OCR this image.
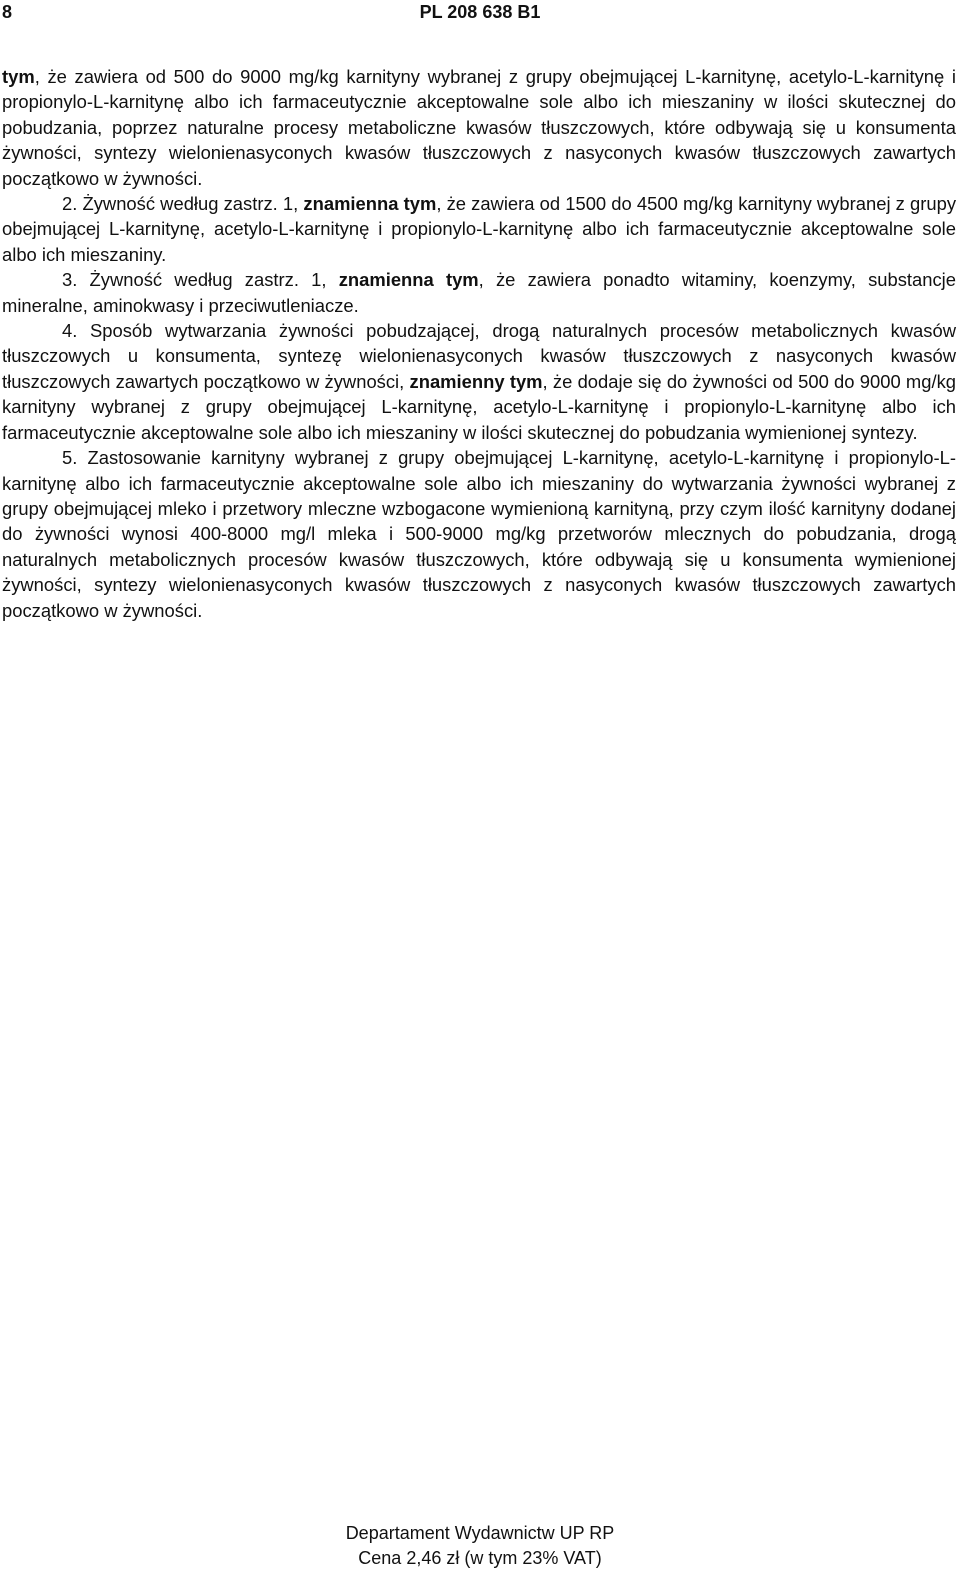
8	PL 208 638 B1

tym, że zawiera od 500 do 9000 mg/kg karnityny wybranej z grupy obejmującej L-karnitynę, acetylo-L-karnitynę i propionylo-L-karnitynę albo ich farmaceutycznie akceptowalne sole albo ich mieszaniny w ilości skutecznej do pobudzania, poprzez naturalne procesy metaboliczne kwasów tłuszczowych, które odbywają się u konsumenta żywności, syntezy wielonienasyconych kwasów tłuszczowych z nasyconych kwasów tłuszczowych zawartych początkowo w żywności.

2. Żywność według zastrz. 1, znamienna tym, że zawiera od 1500 do 4500 mg/kg karnityny wybranej z grupy obejmującej L-karnitynę, acetylo-L-karnitynę i propionylo-L-karnitynę albo ich farmaceutycznie akceptowalne sole albo ich mieszaniny.

3. Żywność według zastrz. 1, znamienna tym, że zawiera ponadto witaminy, koenzymy, substancje mineralne, aminokwasy i przeciwutleniacze.

4. Sposób wytwarzania żywności pobudzającej, drogą naturalnych procesów metabolicznych kwasów tłuszczowych u konsumenta, syntezę wielonienasyconych kwasów tłuszczowych z nasyconych kwasów tłuszczowych zawartych początkowo w żywności, znamienny tym, że dodaje się do żywności od 500 do 9000 mg/kg karnityny wybranej z grupy obejmującej L-karnitynę, acetylo-L-karnitynę i propionylo-L-karnitynę albo ich farmaceutycznie akceptowalne sole albo ich mieszaniny w ilości skutecznej do pobudzania wymienionej syntezy.

5. Zastosowanie karnityny wybranej z grupy obejmującej L-karnitynę, acetylo-L-karnitynę i propionylo-L-karnitynę albo ich farmaceutycznie akceptowalne sole albo ich mieszaniny do wytwarzania żywności wybranej z grupy obejmującej mleko i przetwory mleczne wzbogacone wymienioną karnityną, przy czym ilość karnityny dodanej do żywności wynosi 400-8000 mg/l mleka i 500-9000 mg/kg przetworów mlecznych do pobudzania, drogą naturalnych metabolicznych procesów kwasów tłuszczowych, które odbywają się u konsumenta wymienionej żywności, syntezy wielonienasyconych kwasów tłuszczowych z nasyconych kwasów tłuszczowych zawartych początkowo w żywności.

Departament Wydawnictw UP RP
Cena 2,46 zł (w tym 23% VAT)
